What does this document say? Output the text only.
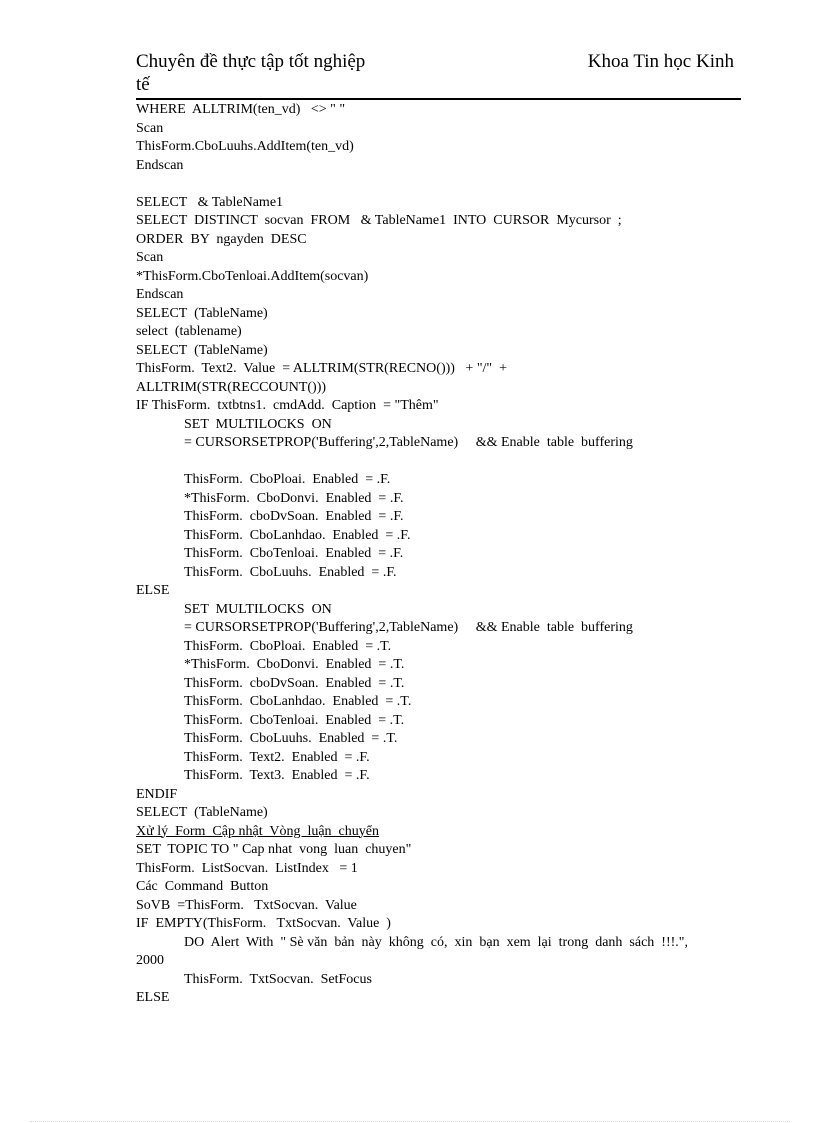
Chuyên đề thực tập tốt nghiệp
tế
Khoa Tin học Kinh
WHERE  ALLTRIM(ten_vd)   <> " "
Scan
ThisForm.CboLuuhs.AddItem(ten_vd)
Endscan
SELECT   & TableName1
SELECT  DISTINCT  socvan  FROM   & TableName1  INTO  CURSOR  Mycursor  ;
ORDER  BY  ngayden  DESC
Scan
*ThisForm.CboTenloai.AddItem(socvan)
Endscan
SELECT  (TableName)
select  (tablename)
SELECT  (TableName)
ThisForm.  Text2.  Value  = ALLTRIM(STR(RECNO()))   + "/"  +
ALLTRIM(STR(RECCOUNT()))
IF ThisForm.  txtbtns1.  cmdAdd.  Caption  = "Thêm"
SET  MULTILOCKS  ON
= CURSORSETPROP('Buffering',2,TableName)     && Enable  table  buffering
ThisForm.  CboPloai.  Enabled  = .F.
*ThisForm.  CboDonvi.  Enabled  = .F.
ThisForm.  cboDvSoan.  Enabled  = .F.
ThisForm.  CboLanhdao.  Enabled  = .F.
ThisForm.  CboTenloai.  Enabled  = .F.
ThisForm.  CboLuuhs.  Enabled  = .F.
ELSE
SET  MULTILOCKS  ON
= CURSORSETPROP('Buffering',2,TableName)     && Enable  table  buffering
ThisForm.  CboPloai.  Enabled  = .T.
*ThisForm.  CboDonvi.  Enabled  = .T.
ThisForm.  cboDvSoan.  Enabled  = .T.
ThisForm.  CboLanhdao.  Enabled  = .T.
ThisForm.  CboTenloai.  Enabled  = .T.
ThisForm.  CboLuuhs.  Enabled  = .T.
ThisForm.  Text2.  Enabled  = .F.
ThisForm.  Text3.  Enabled  = .F.
ENDIF
SELECT  (TableName)
Xử lý  Form  Cập nhật  Vòng  luận  chuyển
SET  TOPIC TO " Cap nhat  vong  luan  chuyen"
ThisForm.  ListSocvan.  ListIndex   = 1
Các  Command  Button
SoVB  =ThisForm.   TxtSocvan.  Value
IF  EMPTY(ThisForm.   TxtSocvan.  Value  )
DO  Alert  With  " Sè văn  bản  này  không  có,  xin  bạn  xem  lại  trong  danh  sách  !!!.",
2000
ThisForm.  TxtSocvan.  SetFocus
ELSE
